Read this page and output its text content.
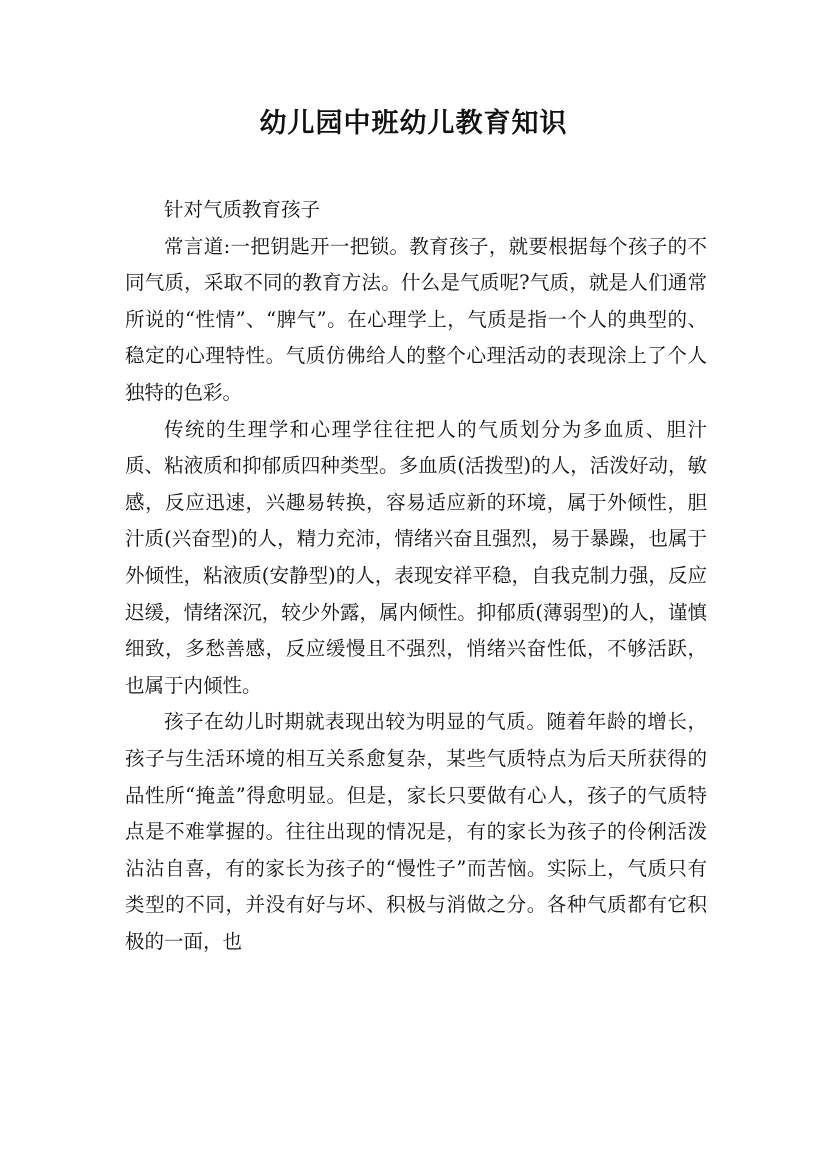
幼儿园中班幼儿教育知识

针对气质教育孩子

常言道:一把钥匙开一把锁。教育孩子，就要根据每个孩子的不同气质，采取不同的教育方法。什么是气质呢?气质，就是人们通常所说的“性情”、“脾气”。在心理学上，气质是指一个人的典型的、稳定的心理特性。气质仿佛给人的整个心理活动的表现涂上了个人独特的色彩。

传统的生理学和心理学往往把人的气质划分为多血质、胆汁质、粘液质和抑郁质四种类型。多血质(活拨型)的人，活泼好动，敏感，反应迅速，兴趣易转换，容易适应新的环境，属于外倾性，胆汁质(兴奋型)的人，精力充沛，情绪兴奋且强烈，易于暴躁，也属于外倾性，粘液质(安静型)的人，表现安祥平稳，自我克制力强，反应迟缓，情绪深沉，较少外露，属内倾性。抑郁质(薄弱型)的人，谨慎细致，多愁善感，反应缓慢且不强烈，悄绪兴奋性低，不够活跃，也属于内倾性。

孩子在幼儿时期就表现出较为明显的气质。随着年龄的增长，孩子与生活环境的相互关系愈复杂，某些气质特点为后天所获得的品性所“掩盖”得愈明显。但是，家长只要做有心人，孩子的气质特点是不难掌握的。往往出现的情况是，有的家长为孩子的伶俐活泼沾沾自喜，有的家长为孩子的“慢性子”而苦恼。实际上，气质只有类型的不同，并没有好与坏、积极与消做之分。各种气质都有它积极的一面，也
